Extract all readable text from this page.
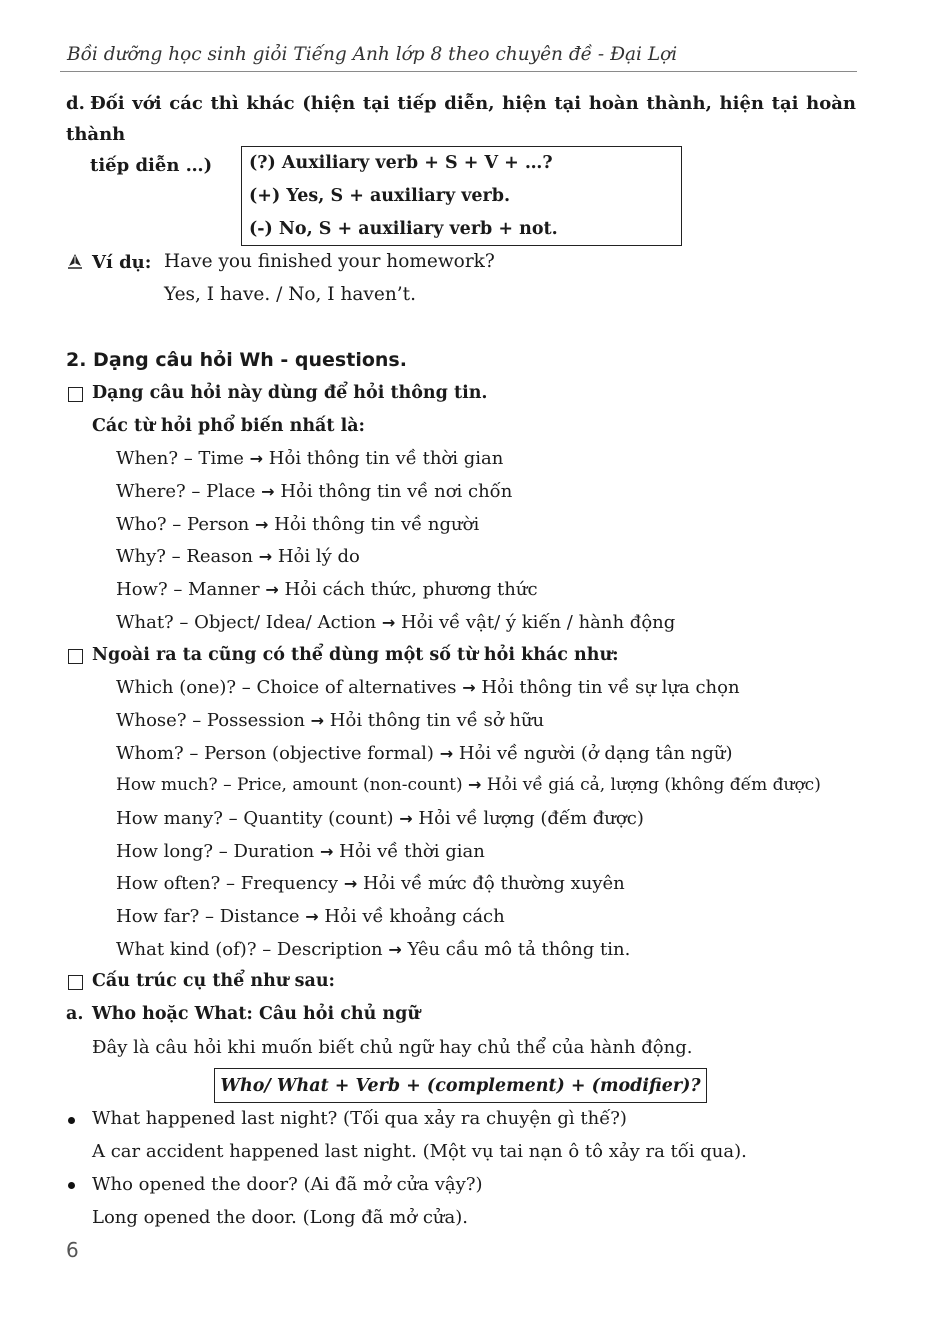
Bồi dưỡng học sinh giỏi Tiếng Anh lớp 8 theo chuyên đề - Đại Lợi
d. Đối với các thì khác (hiện tại tiếp diễn, hiện tại hoàn thành, hiện tại hoàn thành
tiếp diễn …)	(?) Auxiliary verb + S + V + …?
(+) Yes, S + auxiliary verb.
(-) No, S + auxiliary verb + not.
Ví dụ: Have you finished your homework?
Yes, I have. / No, I haven’t.
2. Dạng câu hỏi Wh - questions.
Dạng câu hỏi này dùng để hỏi thông tin.
Các từ hỏi phổ biến nhất là:
When? – Time → Hỏi thông tin về thời gian
Where? – Place → Hỏi thông tin về nơi chốn
Who? – Person → Hỏi thông tin về người
Why? – Reason → Hỏi lý do
How? – Manner → Hỏi cách thức, phương thức
What? – Object/ Idea/ Action → Hỏi về vật/ ý kiến / hành động
Ngoài ra ta cũng có thể dùng một số từ hỏi khác như:
Which (one)? – Choice of alternatives → Hỏi thông tin về sự lựa chọn
Whose? – Possession → Hỏi thông tin về sở hữu
Whom? – Person (objective formal) → Hỏi về người (ở dạng tân ngữ)
How much? – Price, amount (non-count) → Hỏi về giá cả, lượng (không đếm được)
How many? – Quantity (count) → Hỏi về lượng (đếm được)
How long? – Duration → Hỏi về thời gian
How often? – Frequency → Hỏi về mức độ thường xuyên
How far? – Distance → Hỏi về khoảng cách
What kind (of)? – Description → Yêu cầu mô tả thông tin.
Cấu trúc cụ thể như sau:
a. Who hoặc What: Câu hỏi chủ ngữ
Đây là câu hỏi khi muốn biết chủ ngữ hay chủ thể của hành động.
Who/ What + Verb + (complement) + (modifier)?
What happened last night? (Tối qua xảy ra chuyện gì thế?)
A car accident happened last night. (Một vụ tai nạn ô tô xảy ra tối qua).
Who opened the door? (Ai đã mở cửa vậy?)
Long opened the door. (Long đã mở cửa).
6
